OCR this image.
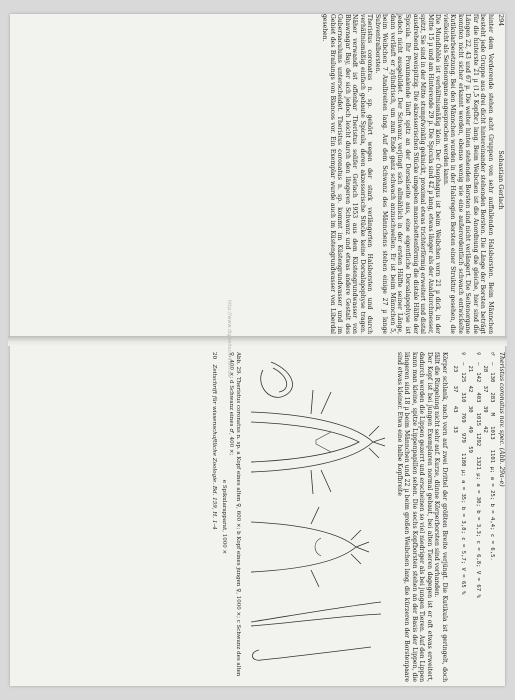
294
Sebastian Gerlach

hinter dem Vorderende stehen acht Gruppen von sehr auffallenden Halsborsten. Beim Männchen besteht jede Gruppe aus drei dicht hintereinander stehenden Borsten. Die Länge der Borsten beträgt für die hinterste 21 µ (1,5 Kopfbr.) lang. Beim Weibchen ist die Anordnung die gleiche, hier sind die Längen 22, 43 und 67 µ. Die weiter hinten stehenden Borsten sind nicht verlängert. Die Seitenorgane konnten nicht sicher erkannt werden, ebenso wenig wie eine außerordentlich schwach entwickelte Kutikularbesetzung. Bei den Männchen wurden in der Halsregion Borsten einer Struktur gesehen, die vielleicht als Seitenorgane angesprochen werden kann.

Die Mundhöhle ist verhältnismäßig klein. Der Ösophagus ist beim Weibchen vorn 21 µ dick, in der Mitte 15 µ und am Hinterende 29 µ. Die Spicula sind 42 µ lang, etwas länger als der Analdurchmesser, spitzt, Sie sind in der Mitte stumpfwinklig geknickt, proximal etwas trichterförmig erweitert und distal ausdrehend zweispitzig. Die akzessorischen Stücke umgeben manschettenförmig die distale Hälfte der Spicula. Ihr Proximalende läuft spitz an der Dorsalseite aus, eine eigentliche Dorsalapophyse ist jedoch nicht ausgebildet. Der Schwanz verjüngt sich allmählich in der ersten Hälfte seiner Länge, dann verläuft er zylindrisch, um zum Ende ganz schwach anzuschwellen. Er ist beim Männchen 5, beim Weibchen 7 Analbreiten lang. Auf dem Schwanz des Männchens stehen einige 27 µ lange Subventralborsten.

Theristus coronatus n. sp. gehört wegen der stark verlängerten Halsborsten und durch verhältnismäßig einfach gebaute Spicula, deren akzessorische Stücke keine Dorsalapophyse tragen. Näher verwandt ist offenbar Theristus solifer Gerlach 1953 aus dem Küstengrundwasser von Bhawnagar Bay, der sich jedoch leicht durch den längeren Schwanz und etwas andere Gestalt des Gubernaculums unterscheidet. Theristus coronatus n. sp. kommt im Küstengrundwasser und im Gebiet des Brailungs von Blancos vor. Ein Exemplar wurde auch im Küstengrundwasser von Liberdal gesehen.

Theristus coronatus nov. spec. (Abb. 29a–e)
♂  –  130   283   M   1013   1101 µ; a = 25; b = 4,4; c = 6,5.
28    37    39    42
♀  –  142   403   1015  1292   1321 µ; a = 30; b = 3,3; c = 6,8; V = 67 %
21    42    30    49    59
♀  –  125   310   769   979   1180 µ; a = 35; b = 3,8; c = 5,7; V = 65 %
23    37    43    33

Körper schlank, nach vorn auf zwei Drittel der größten Breite verjüngt. Die Kutikula ist geringelt, doch fällt die Ringelung nicht sehr auf. Kurze, dünne Körperborsten sind vorhanden.

Der Kopf ist bei jungen Exemplaren normal gebaut, bei alten Tieren dagegen ist er oft etwas erweitert, dadurch werden die Lippen gezerrt und erscheinen so viel niedriger als bei jungen Tieren. Auf den Lippen kann man kleine, spitze Lippenpapillen sehen. Die sechs Kopfborsten stehen an der Basis der Lippen, die längeren sind 18 µ beim Männchen und 22 µ beim großen Weibchen lang, die kürzeren der Borstenpaare sind etwas kleiner. Etwa eine halbe Kopfbreite

Abb. 29. Theristus coronatus n. sp. a Kopf eines alten ♀, 600 ×; b Kopf eines jungen ♀, 1000 ×; c Schwanz des alten ♀, 400 ×; d Schwanz eines ♂, 400 ×;
e Spikularapparat, 1000 ×
20   Zeitschrift für wissenschaftliche Zoologie. Bd. 159, H. 1–4
http://www.digizeitschriften.de
